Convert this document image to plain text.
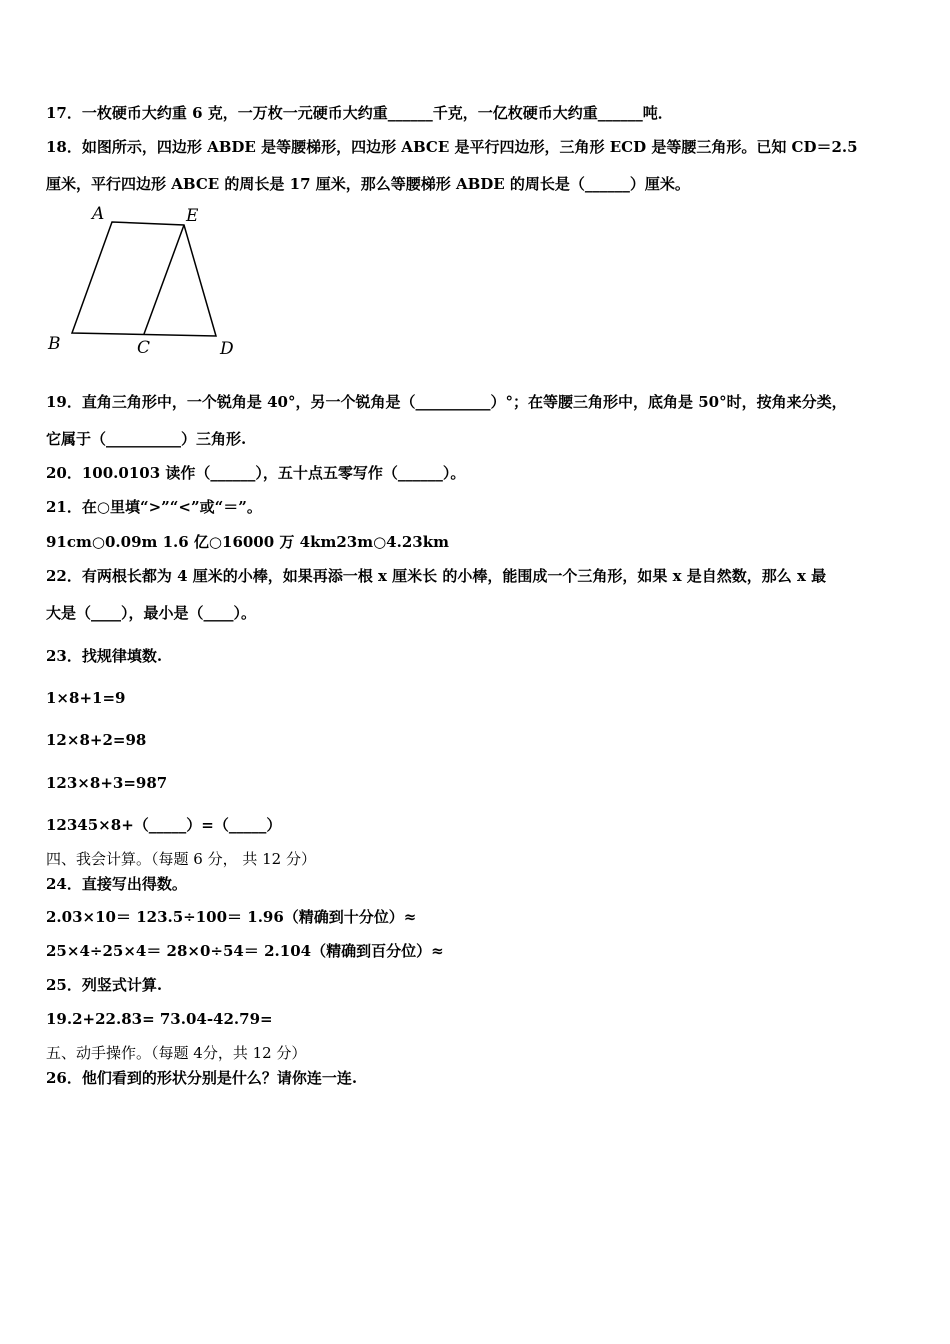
17．一枚硬币大约重 6 克，一万枚一元硬币大约重______千克，一亿枚硬币大约重______吨．
18．如图所示，四边形 ABDE 是等腰梯形，四边形 ABCE 是平行四边形，三角形 ECD 是等腰三角形。已知 CD＝2.5
厘米，平行四边形 ABCE 的周长是 17 厘米，那么等腰梯形 ABDE 的周长是（______）厘米。
A	E
B	C	D
19．直角三角形中，一个锐角是 40°，另一个锐角是（__________）°；在等腰三角形中，底角是 50°时，按角来分类，
它属于（__________）三角形.
20．100.0103 读作（______），五十点五零写作（______）。
21．在○里填“>”“<”或“＝”。
91cm○0.09m 1.6 亿○16000 万 4km23m○4.23km
22．有两根长都为 4 厘米的小棒，如果再添一根 x 厘米长 的小棒，能围成一个三角形，如果 x 是自然数，那么 x 最
大是（____），最小是（____）。
23．找规律填数.
1×8+1=9
12×8+2=98
123×8+3=987
12345×8+（_____）=（_____）
四、我会计算。（每题 6 分， 共 12 分）
24．直接写出得数。
2.03×10＝ 123.5÷100＝ 1.96（精确到十分位）≈
25×4÷25×4＝ 28×0÷54＝ 2.104（精确到百分位）≈
25．列竖式计算.
19.2+22.83= 73.04-42.79=
五、动手操作。（每题 4分，共 12 分）
26．他们看到的形状分别是什么？请你连一连.
